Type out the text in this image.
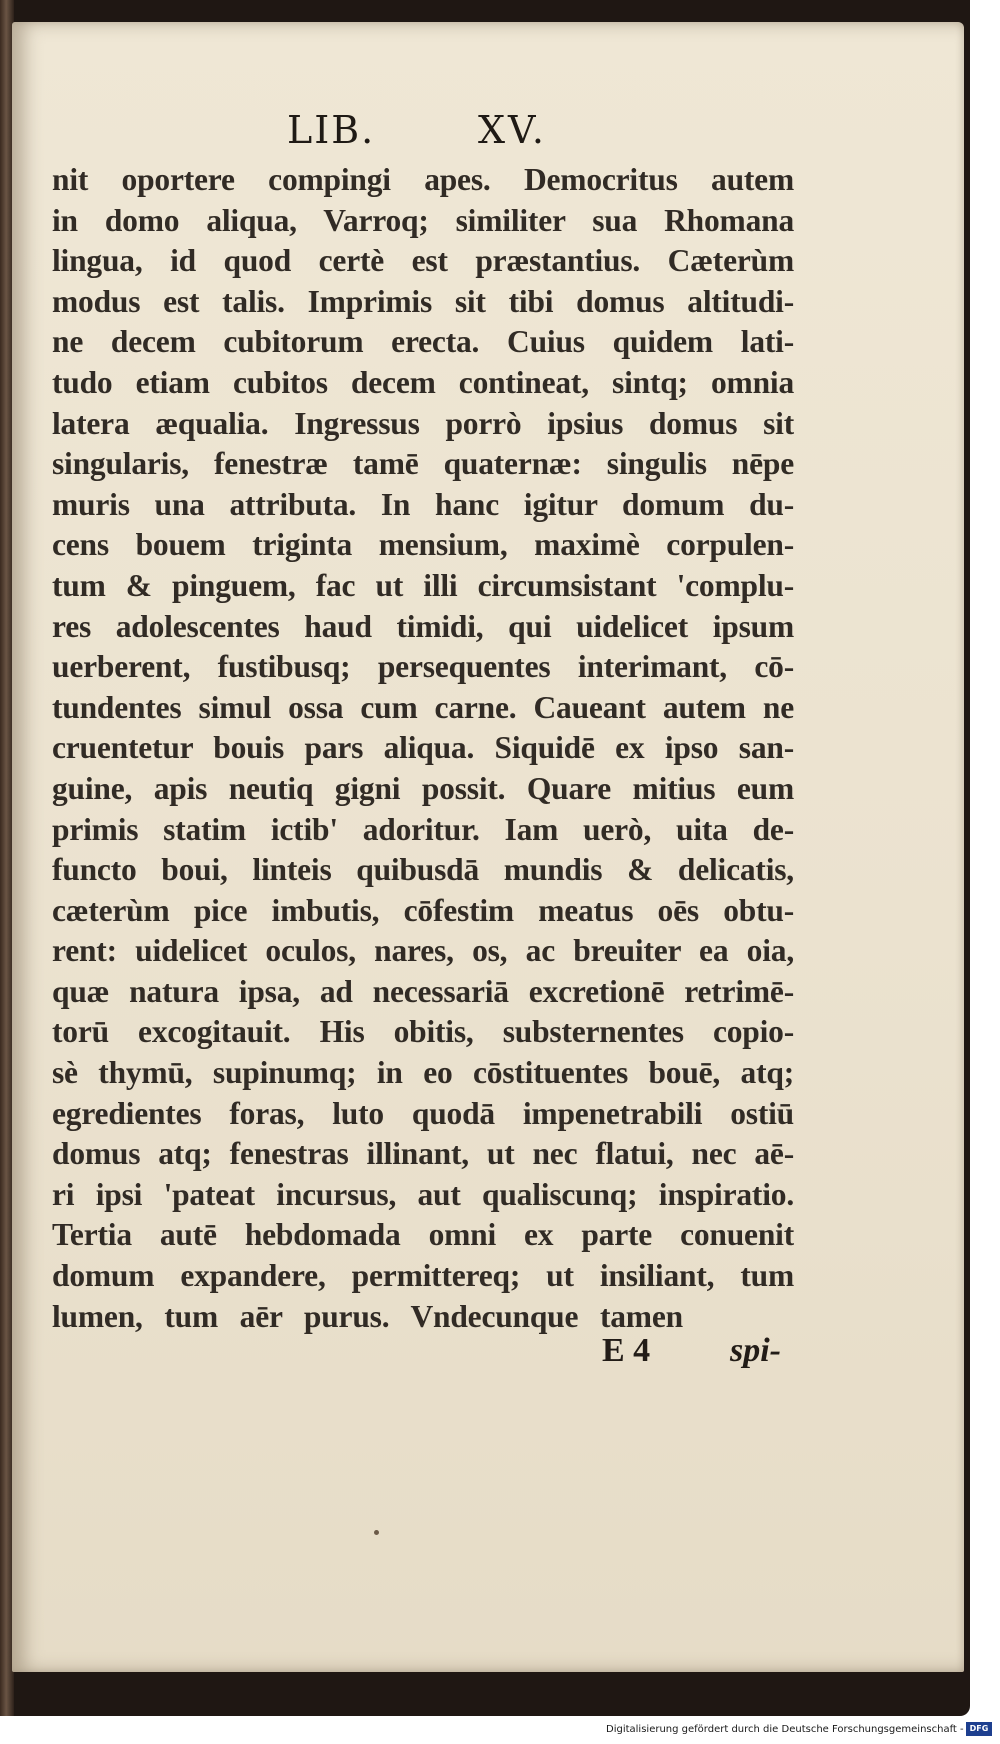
LIB.	XV.
nit oportere compingi apes. Democritus autem
in domo aliqua, Varroq; similiter sua Rhomana
lingua, id quod certè est præstantius. Cæterùm
modus est talis. Imprimis sit tibi domus altitudi-
ne decem cubitorum erecta. Cuius quidem lati-
tudo etiam cubitos decem contineat, sintq; omnia
latera æqualia. Ingressus porrò ipsius domus sit
singularis, fenestræ tamē quaternæ: singulis nēpe
muris una attributa. In hanc igitur domum du-
cens bouem triginta mensium, maximè corpulen-
tum & pinguem, fac ut illi circumsistant 'complu-
res adolescentes haud timidi, qui uidelicet ipsum
uerberent, fustibusq; persequentes interimant, cō-
tundentes simul ossa cum carne. Caueant autem ne
cruentetur bouis pars aliqua. Siquidē ex ipso san-
guine, apis neutiq gigni possit. Quare mitius eum
primis statim ictib' adoritur. Iam uerò, uita de-
functo boui, linteis quibusdā mundis & delicatis,
cæterùm pice imbutis, cōfestim meatus oēs obtu-
rent: uidelicet oculos, nares, os, ac breuiter ea oia,
quæ natura ipsa, ad necessariā excretionē retrimē-
torū excogitauit. His obitis, substernentes copio-
sè thymū, supinumq; in eo cōstituentes bouē, atq;
egredientes foras, luto quodā impenetrabili ostiū
domus atq; fenestras illinant, ut nec flatui, nec aē-
ri ipsi 'pateat incursus, aut qualiscunq; inspiratio.
Tertia autē hebdomada omni ex parte conuenit
domum expandere, permittereq; ut insiliant, tum
lumen, tum aēr purus. Vndecunque tamen
E 4 spi-
Digitalisierung gefördert durch die Deutsche Forschungsgemeinschaft - DFG
